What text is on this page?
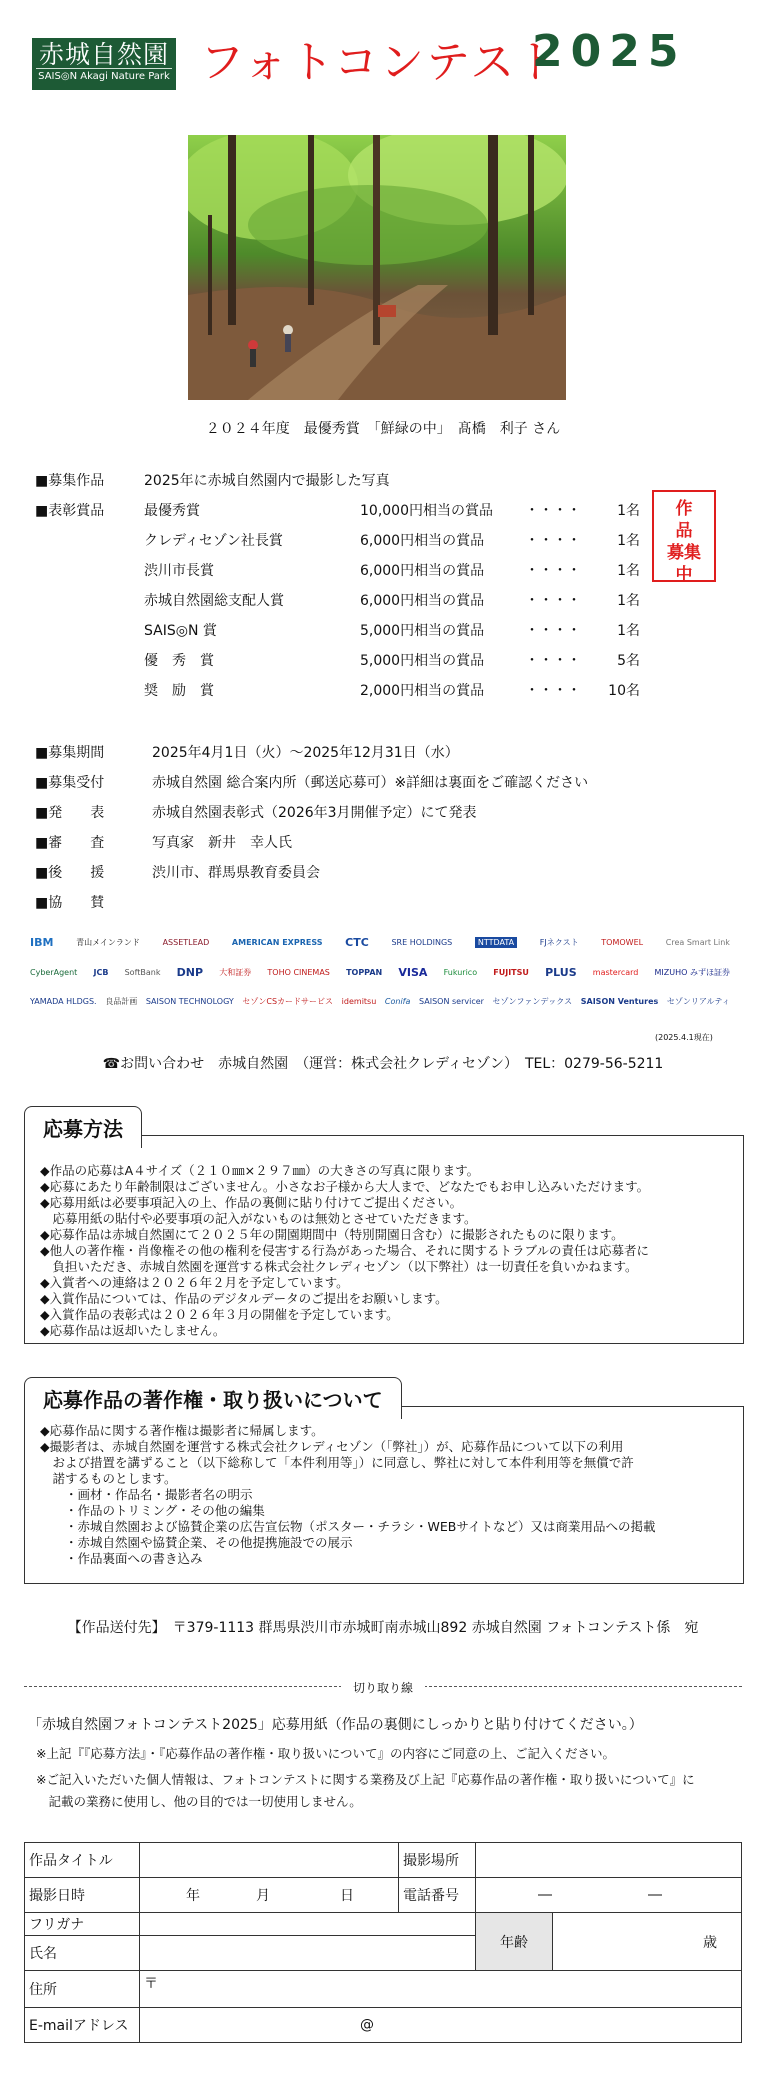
赤城自然園
SAIS◎N Akagi Nature Park フォトコンテスト
2025
２０２４年度　最優秀賞　「鮮緑の中」　髙橋　利子 さん
■募集作品	2025年に赤城自然園内で撮影した写真
■表彰賞品	最優秀賞	10,000円相当の賞品 ・・・・	1名
クレディセゾン社長賞	6,000円相当の賞品	・・・・	1名
渋川市長賞	6,000円相当の賞品	・・・・	1名
赤城自然園総支配人賞	6,000円相当の賞品	・・・・	1名
SAIS◎N 賞	5,000円相当の賞品	・・・・	1名
優　秀　賞	5,000円相当の賞品	・・・・	5名
奨　励　賞	2,000円相当の賞品	・・・・ 10名
作　品
募集中
■募集期間	2025年4月1日（火）～2025年12月31日（水）
■募集受付	赤城自然園 総合案内所（郵送応募可）※詳細は裏面をご確認ください
■発　　表	赤城自然園表彰式（2026年3月開催予定）にて発表
■審　　査	写真家　新井　幸人氏
■後　　援	渋川市、群馬県教育委員会
■協　　賛
IBM	青山メインランド	ASSETLEAD	AMERICAN EXPRESS CTC	SRE HOLDINGS	NTTDATA	FJネクスト	TOMOWEL	Crea Smart Link
CyberAgent JCB SoftBank DNP 大和証券 TOHO CINEMAS TOPPAN VISA Fukurico FUJITSU PLUS mastercard MIZUHO みずほ証券
YAMADA HLDGS. 良品計画 SAISON TECHNOLOGY セゾンCSカードサービス idemitsu Conifa SAISON servicer セゾンファンデックス SAISON Ventures セゾンリアルティ
(2025.4.1現在)
☎お問い合わせ　赤城自然園　（運営：株式会社クレディセゾン）　TEL：0279-56-5211
応募方法
◆作品の応募はA４サイズ（２１０㎜×２９７㎜）の大きさの写真に限ります。
◆応募にあたり年齢制限はございません。小さなお子様から大人まで、どなたでもお申し込みいただけます。
◆応募用紙は必要事項記入の上、作品の裏側に貼り付けてご提出ください。
　応募用紙の貼付や必要事項の記入がないものは無効とさせていただきます。
◆応募作品は赤城自然園にて２０２５年の開園期間中（特別開園日含む）に撮影されたものに限ります。
◆他人の著作権・肖像権その他の権利を侵害する行為があった場合、それに関するトラブルの責任は応募者に
　負担いただき、赤城自然園を運営する株式会社クレディセゾン（以下弊社）は一切責任を負いかねます。
◆入賞者への連絡は２０２６年２月を予定しています。
◆入賞作品については、作品のデジタルデータのご提出をお願いします。
◆入賞作品の表彰式は２０２６年３月の開催を予定しています。
◆応募作品は返却いたしません。
応募作品の著作権・取り扱いについて
◆応募作品に関する著作権は撮影者に帰属します。
◆撮影者は、赤城自然園を運営する株式会社クレディセゾン（「弊社」）が、応募作品について以下の利用
　および措置を講ずること（以下総称して「本件利用等」）に同意し、弊社に対して本件利用等を無償で許
　諾するものとします。
　　・画材・作品名・撮影者名の明示
　　・作品のトリミング・その他の編集
　　・赤城自然園および協賛企業の広告宣伝物（ポスター・チラシ・WEBサイトなど）又は商業用品への掲載
　　・赤城自然園や協賛企業、その他提携施設での展示
　　・作品裏面への書き込み
【作品送付先】　〒379-1113 群馬県渋川市赤城町南赤城山892 赤城自然園 フォトコンテスト係　宛
切り取り線
「赤城自然園フォトコンテスト2025」応募用紙（作品の裏側にしっかりと貼り付けてください。）
※上記『『応募方法』・『応募作品の著作権・取り扱いについて』の内容にご同意の上、ご記入ください。
※ご記入いただいた個人情報は、フォトコンテストに関する業務及び上記『応募作品の著作権・取り扱いについて』に
　記載の業務に使用し、他の目的では一切使用しません。
作品タイトル		撮影場所		
撮影日時	年 月 日	電話番号	― ―	
フリガナ			年齢	歳
氏名				
住所	〒			
E-mailアドレス	@			
